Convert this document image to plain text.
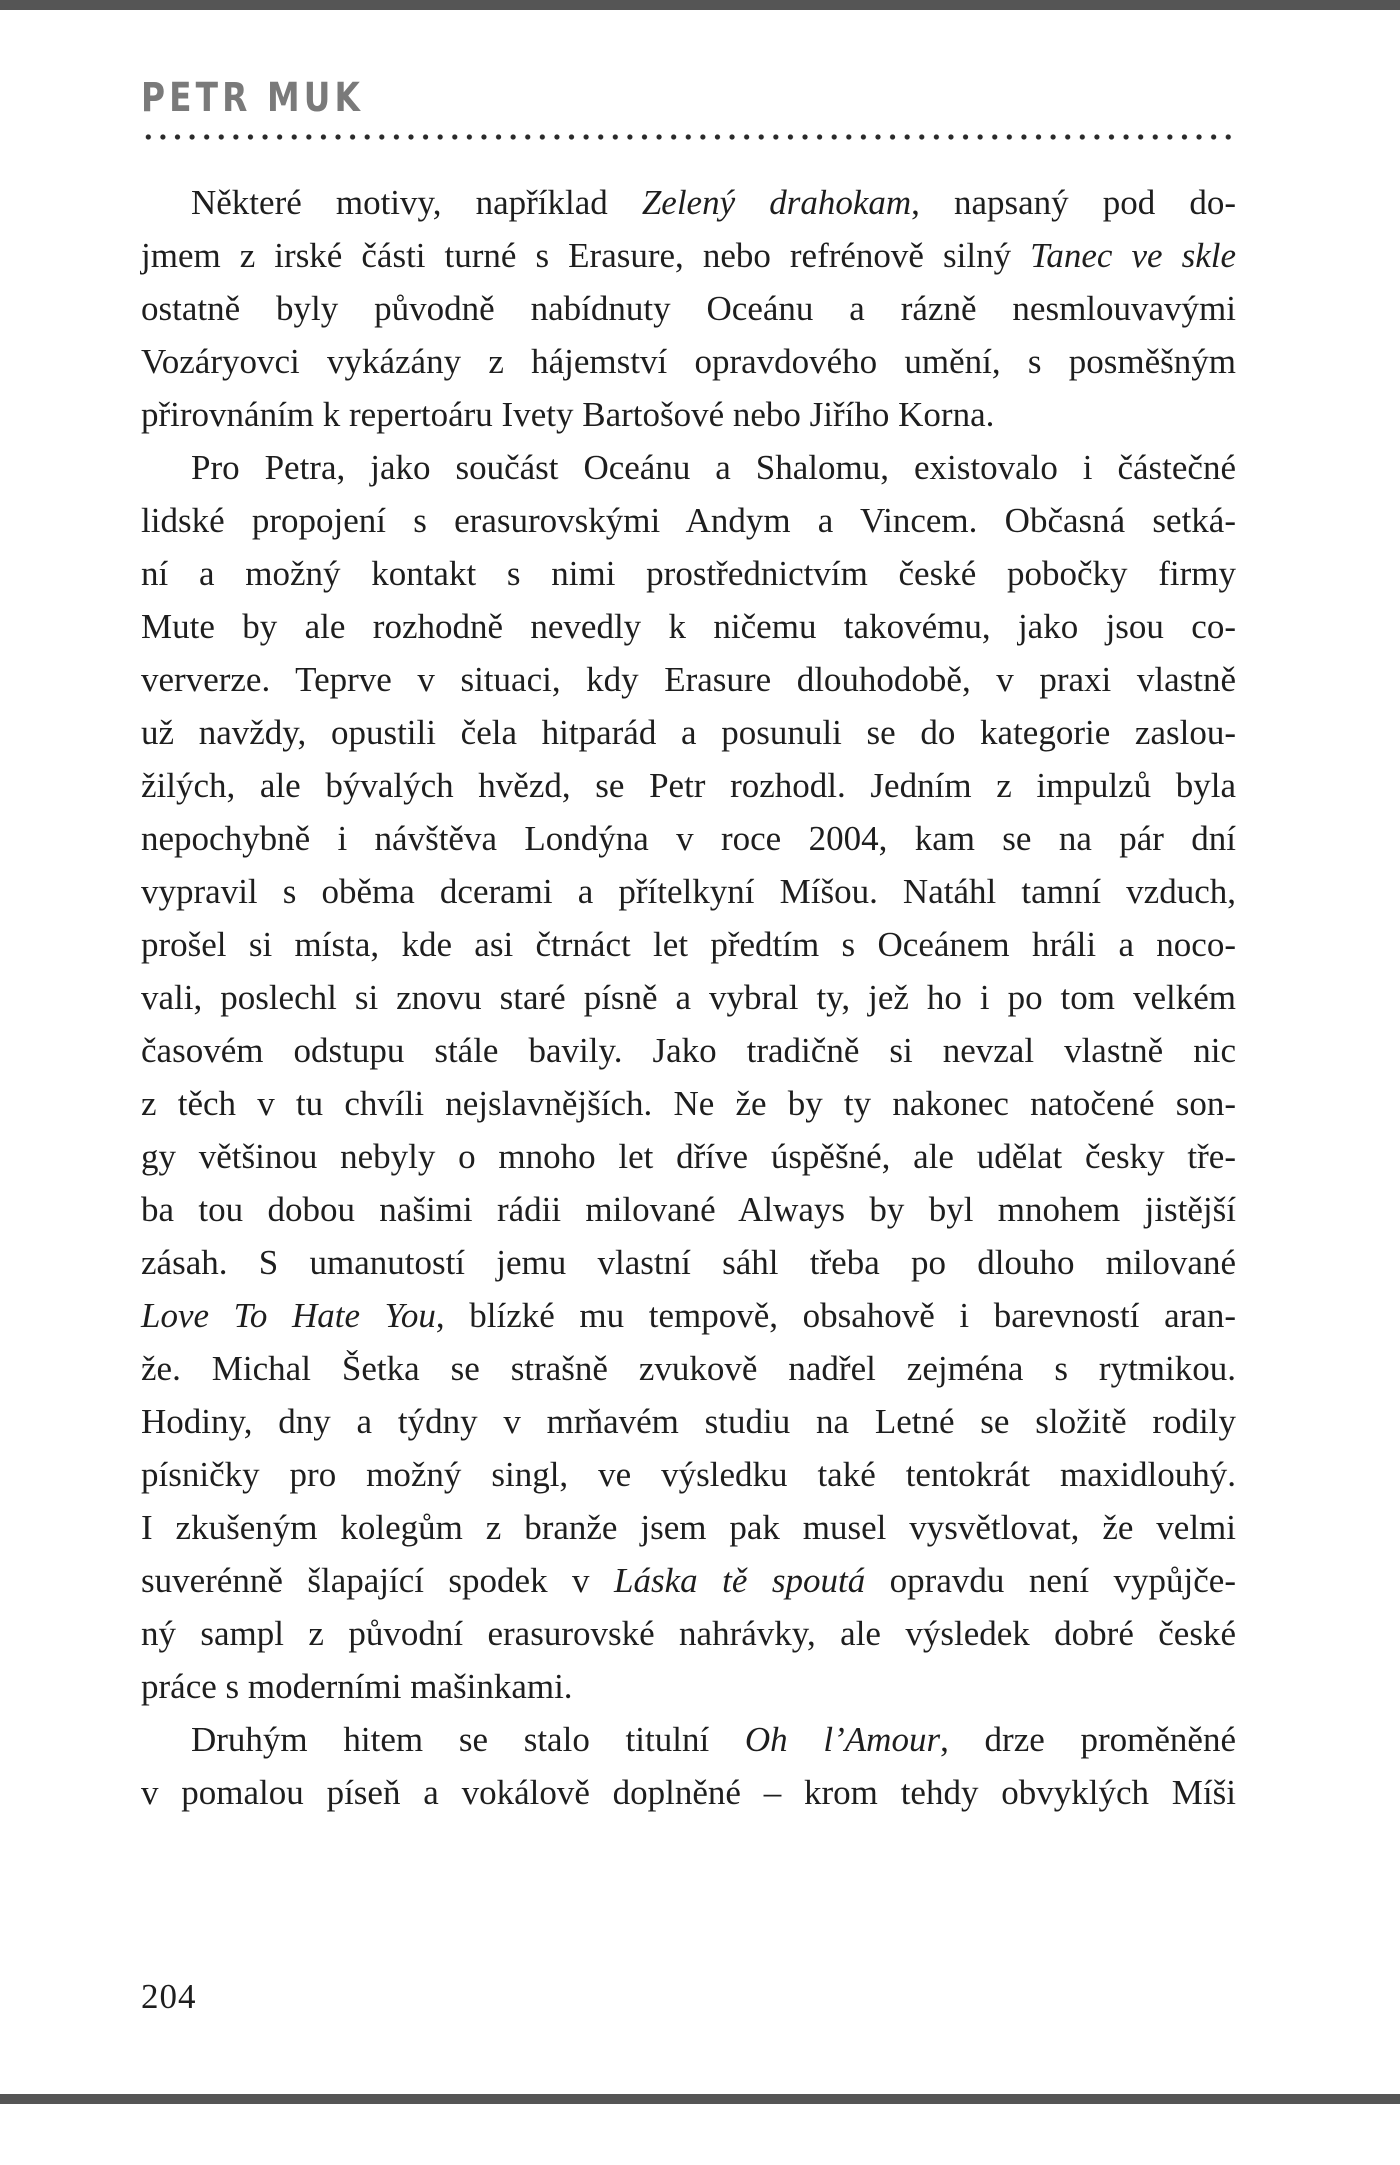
PETR MUK
Některé motivy, například Zelený drahokam, napsaný pod do-
jmem z irské části turné s Erasure, nebo refrénově silný Tanec ve skle
ostatně byly původně nabídnuty Oceánu a rázně nesmlouvavými
Vozáryovci vykázány z hájemství opravdového umění, s posměšným
přirovnáním k repertoáru Ivety Bartošové nebo Jiřího Korna.
Pro Petra, jako součást Oceánu a Shalomu, existovalo i částečné
lidské propojení s erasurovskými Andym a Vincem. Občasná setká-
ní a možný kontakt s nimi prostřednictvím české pobočky firmy
Mute by ale rozhodně nevedly k ničemu takovému, jako jsou co-
ververze. Teprve v situaci, kdy Erasure dlouhodobě, v praxi vlastně
už navždy, opustili čela hitparád a posunuli se do kategorie zaslou-
žilých, ale bývalých hvězd, se Petr rozhodl. Jedním z impulzů byla
nepochybně i návštěva Londýna v roce 2004, kam se na pár dní
vypravil s oběma dcerami a přítelkyní Míšou. Natáhl tamní vzduch,
prošel si místa, kde asi čtrnáct let předtím s Oceánem hráli a noco-
vali, poslechl si znovu staré písně a vybral ty, jež ho i po tom velkém
časovém odstupu stále bavily. Jako tradičně si nevzal vlastně nic
z těch v tu chvíli nejslavnějších. Ne že by ty nakonec natočené son-
gy většinou nebyly o mnoho let dříve úspěšné, ale udělat česky tře-
ba tou dobou našimi rádii milované Always by byl mnohem jistější
zásah. S umanutostí jemu vlastní sáhl třeba po dlouho milované
Love To Hate You, blízké mu tempově, obsahově i barevností aran-
že. Michal Šetka se strašně zvukově nadřel zejména s rytmikou.
Hodiny, dny a týdny v mrňavém studiu na Letné se složitě rodily
písničky pro možný singl, ve výsledku také tentokrát maxidlouhý.
I zkušeným kolegům z branže jsem pak musel vysvětlovat, že velmi
suverénně šlapající spodek v Láska tě spoutá opravdu není vypůjče-
ný sampl z původní erasurovské nahrávky, ale výsledek dobré české
práce s moderními mašinkami.
Druhým hitem se stalo titulní Oh l’Amour, drze proměněné
v pomalou píseň a vokálově doplněné – krom tehdy obvyklých Míši
204
